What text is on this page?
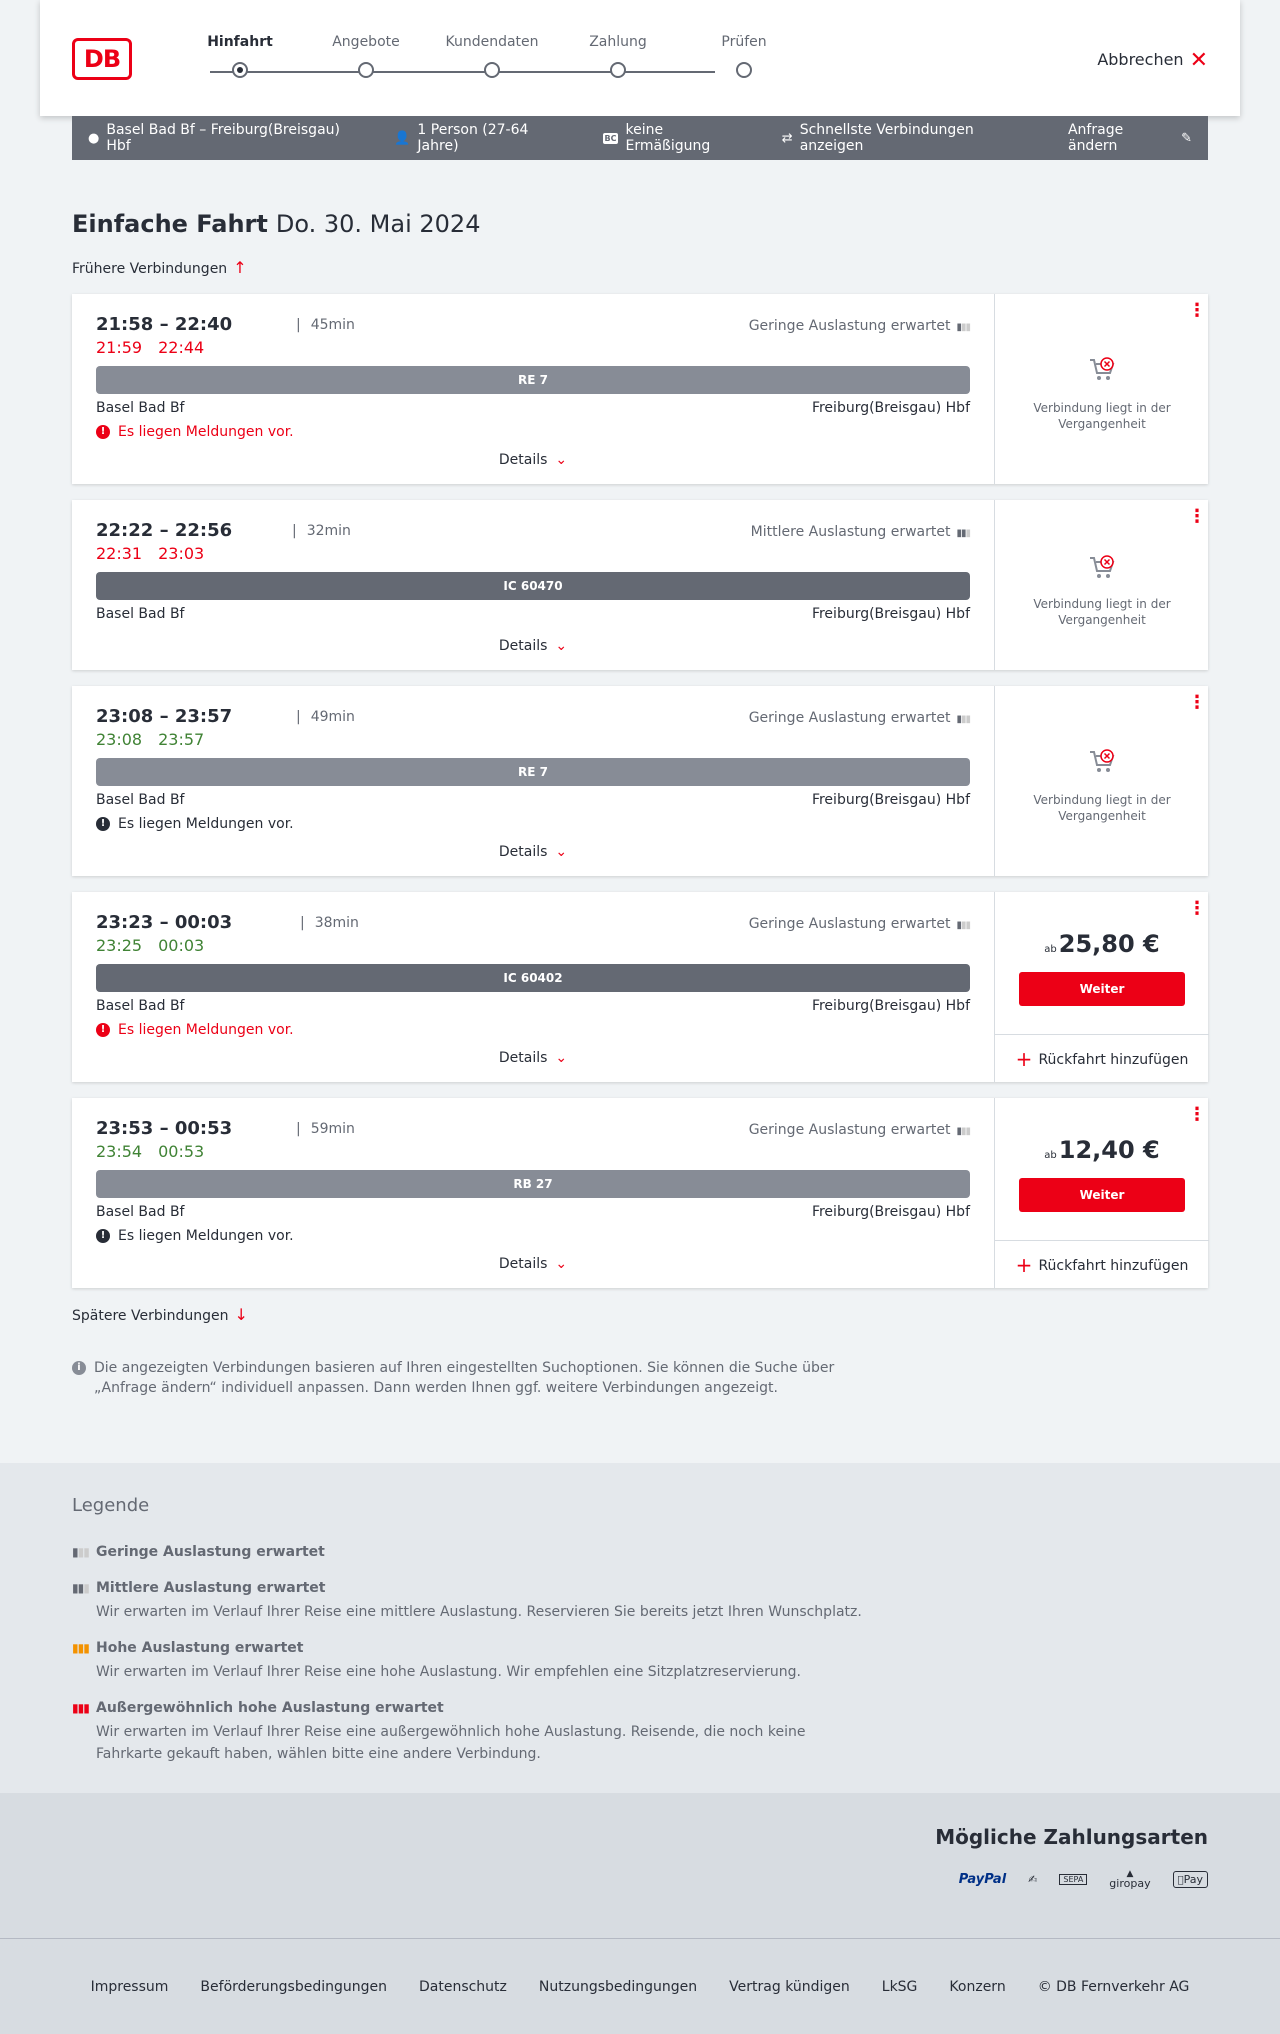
DB
Hinfahrt	Angebote	Kundendaten	Zahlung	Prüfen
Abbrechen ✕
● Basel Bad Bf – Freiburg(Breisgau) Hbf	👤 1 Person (27-64 Jahre)	BC keine Ermäßigung	⇄ Schnellste Verbindungen anzeigen
Anfrage ändern	✎
Einfache Fahrt Do. 30. Mai 2024
Frühere Verbindungen ↑
21:58 – 22:40	| 45min
21:59 22:44
Geringe Auslastung erwartet ▮▮▮
RE 7
Basel Bad Bf	Freiburg(Breisgau) Hbf
! Es liegen Meldungen vor.
Details ⌄
⋮
Verbindung liegt in der Vergangenheit
22:22 – 22:56	| 32min
22:31 23:03
Mittlere Auslastung erwartet ▮▮▮
IC 60470
Basel Bad Bf	Freiburg(Breisgau) Hbf
Details ⌄
⋮
Verbindung liegt in der Vergangenheit
23:08 – 23:57	| 49min
23:08 23:57
Geringe Auslastung erwartet ▮▮▮
RE 7
Basel Bad Bf	Freiburg(Breisgau) Hbf
! Es liegen Meldungen vor.
Details ⌄
⋮
Verbindung liegt in der Vergangenheit
23:23 – 00:03	| 38min
23:25 00:03
Geringe Auslastung erwartet ▮▮▮
IC 60402
Basel Bad Bf	Freiburg(Breisgau) Hbf
! Es liegen Meldungen vor.
Details ⌄
⋮
ab25,80 €
Weiter
+ Rückfahrt hinzufügen
23:53 – 00:53	| 59min
23:54 00:53
Geringe Auslastung erwartet ▮▮▮
RB 27
Basel Bad Bf	Freiburg(Breisgau) Hbf
! Es liegen Meldungen vor.
Details ⌄
⋮
ab12,40 €
Weiter
+ Rückfahrt hinzufügen
Spätere Verbindungen ↓
i Die angezeigten Verbindungen basieren auf Ihren eingestellten Suchoptionen. Sie können die Suche über „Anfrage ändern“ individuell anpassen. Dann werden Ihnen ggf. weitere Verbindungen angezeigt.
Legende
▮▮▮ Geringe Auslastung erwartet
▮▮▮ Mittlere Auslastung erwartet

Wir erwarten im Verlauf Ihrer Reise eine mittlere Auslastung. Reservieren Sie bereits jetzt Ihren Wunschplatz.

▮▮▮ Hohe Auslastung erwartet

Wir erwarten im Verlauf Ihrer Reise eine hohe Auslastung. Wir empfehlen eine Sitzplatzreservierung.

▮▮▮ Außergewöhnlich hohe Auslastung erwartet

Wir erwarten im Verlauf Ihrer Reise eine außergewöhnlich hohe Auslastung. Reisende, die noch keine Fahrkarte gekauft haben, wählen bitte eine andere Verbindung.

Mögliche Zahlungsarten
PayPal	✍	SEPA
▲
giropay	Pay
Impressum Beförderungsbedingungen Datenschutz Nutzungsbedingungen Vertrag kündigen LkSG Konzern © DB Fernverkehr AG
